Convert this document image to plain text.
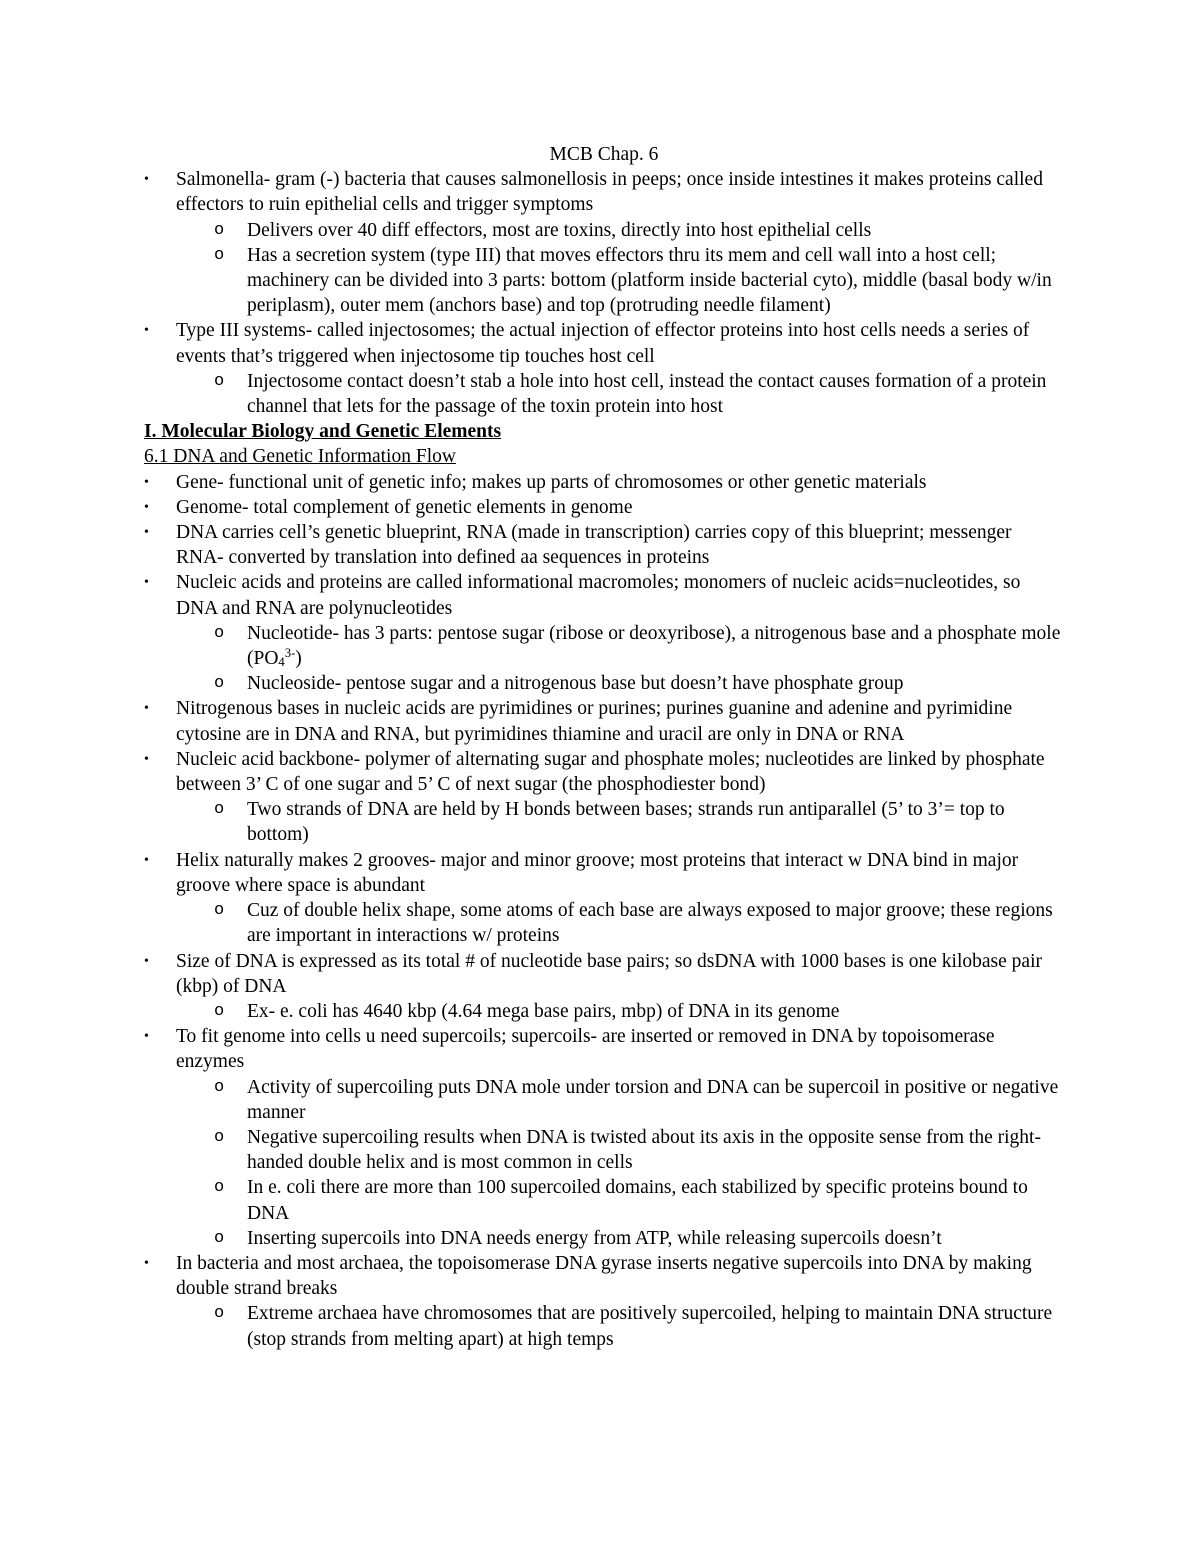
MCB Chap. 6

•	Salmonella- gram (-) bacteria that causes salmonellosis in peeps; once inside intestines it makes proteins called effectors to ruin epithelial cells and trigger symptoms
o	Delivers over 40 diff effectors, most are toxins, directly into host epithelial cells
o	Has a secretion system (type III) that moves effectors thru its mem and cell wall into a host cell; machinery can be divided into 3 parts: bottom (platform inside bacterial cyto), middle (basal body w/in periplasm), outer mem (anchors base) and top (protruding needle filament)
•	Type III systems- called injectosomes; the actual injection of effector proteins into host cells needs a series of events that’s triggered when injectosome tip touches host cell
o	Injectosome contact doesn’t stab a hole into host cell, instead the contact causes formation of a protein channel that lets for the passage of the toxin protein into host

I. Molecular Biology and Genetic Elements

6.1 DNA and Genetic Information Flow

•	Gene- functional unit of genetic info; makes up parts of chromosomes or other genetic materials
•	Genome- total complement of genetic elements in genome
•	DNA carries cell’s genetic blueprint, RNA (made in transcription) carries copy of this blueprint; messenger RNA- converted by translation into defined aa sequences in proteins
•	Nucleic acids and proteins are called informational macromoles; monomers of nucleic acids=nucleotides, so DNA and RNA are polynucleotides
o	Nucleotide- has 3 parts: pentose sugar (ribose or deoxyribose), a nitrogenous base and a phosphate mole $(PO_4^{3-})$
o	Nucleoside- pentose sugar and a nitrogenous base but doesn’t have phosphate group
•	Nitrogenous bases in nucleic acids are pyrimidines or purines; purines guanine and adenine and pyrimidine cytosine are in DNA and RNA, but pyrimidines thiamine and uracil are only in DNA or RNA
•	Nucleic acid backbone- polymer of alternating sugar and phosphate moles; nucleotides are linked by phosphate between 3’ C of one sugar and 5’ C of next sugar (the phosphodiester bond)
o	Two strands of DNA are held by H bonds between bases; strands run antiparallel (5’ to 3’= top to bottom)
•	Helix naturally makes 2 grooves- major and minor groove; most proteins that interact w DNA bind in major groove where space is abundant
o	Cuz of double helix shape, some atoms of each base are always exposed to major groove; these regions are important in interactions w/ proteins
•	Size of DNA is expressed as its total # of nucleotide base pairs; so dsDNA with 1000 bases is one kilobase pair (kbp) of DNA
o	Ex- e. coli has 4640 kbp (4.64 mega base pairs, mbp) of DNA in its genome
•	To fit genome into cells u need supercoils; supercoils- are inserted or removed in DNA by topoisomerase enzymes
o	Activity of supercoiling puts DNA mole under torsion and DNA can be supercoil in positive or negative manner
o	Negative supercoiling results when DNA is twisted about its axis in the opposite sense from the right-handed double helix and is most common in cells
o	In e. coli there are more than 100 supercoiled domains, each stabilized by specific proteins bound to DNA
o	Inserting supercoils into DNA needs energy from ATP, while releasing supercoils doesn’t
•	In bacteria and most archaea, the topoisomerase DNA gyrase inserts negative supercoils into DNA by making double strand breaks
o	Extreme archaea have chromosomes that are positively supercoiled, helping to maintain DNA structure (stop strands from melting apart) at high temps
